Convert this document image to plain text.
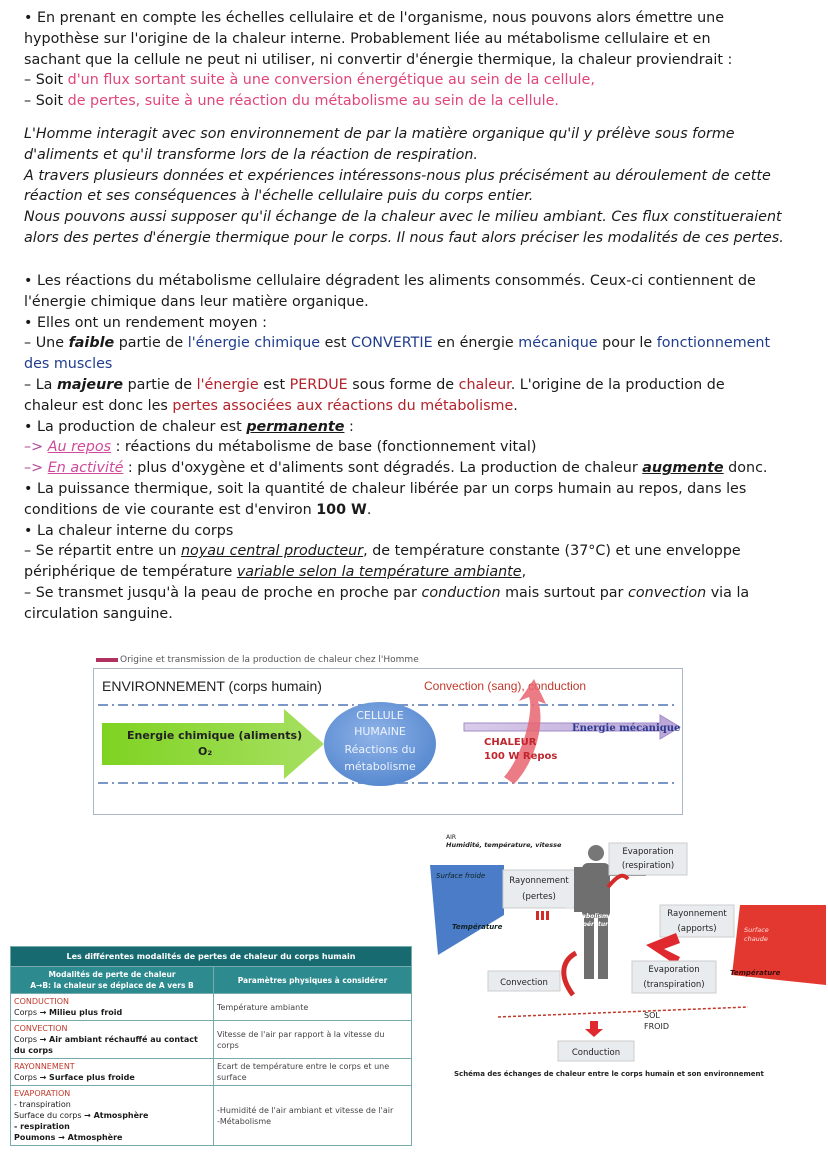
• En prenant en compte les échelles cellulaire et de l'organisme, nous pouvons alors émettre une

hypothèse sur l'origine de la chaleur interne. Probablement liée au métabolisme cellulaire et en

sachant que la cellule ne peut ni utiliser, ni convertir d'énergie thermique, la chaleur proviendrait :

– Soit d'un flux sortant suite à une conversion énergétique au sein de la cellule,

– Soit de pertes, suite à une réaction du métabolisme au sein de la cellule.

L'Homme interagit avec son environnement de par la matière organique qu'il y prélève sous forme

d'aliments et qu'il transforme lors de la réaction de respiration.

A travers plusieurs données et expériences intéressons-nous plus précisément au déroulement de cette

réaction et ses conséquences à l'échelle cellulaire puis du corps entier.

Nous pouvons aussi supposer qu'il échange de la chaleur avec le milieu ambiant. Ces flux constitueraient

alors des pertes d'énergie thermique pour le corps. Il nous faut alors préciser les modalités de ces pertes.

• Les réactions du métabolisme cellulaire dégradent les aliments consommés. Ceux-ci contiennent de

l'énergie chimique dans leur matière organique.

• Elles ont un rendement moyen :

– Une faible partie de l'énergie chimique est CONVERTIE en énergie mécanique pour le fonctionnement

des muscles

– La majeure partie de l'énergie est PERDUE sous forme de chaleur. L'origine de la production de

chaleur est donc les pertes associées aux réactions du métabolisme.

• La production de chaleur est permanente :

–> Au repos : réactions du métabolisme de base (fonctionnement vital)

–> En activité : plus d'oxygène et d'aliments sont dégradés. La production de chaleur augmente donc.

• La puissance thermique, soit la quantité de chaleur libérée par un corps humain au repos, dans les

conditions de vie courante est d'environ 100 W.

• La chaleur interne du corps

– Se répartit entre un noyau central producteur, de température constante (37°C) et une enveloppe

périphérique de température variable selon la température ambiante,

– Se transmet jusqu'à la peau de proche en proche par conduction mais surtout par convection via la

circulation sanguine.

Origine et transmission de la production de chaleur chez l'Homme
ENVIRONNEMENT (corps humain)	Convection (sang), conduction
Energie chimique (aliments)
O₂
Energie mécanique
CELLULE
HUMAINE
Réactions du
métabolisme
CHALEUR
100 W Repos
Les différentes modalités de pertes de chaleur du corps humain	
Modalités de perte de chaleur
A→B: la chaleur se déplace de A vers B	Paramètres physiques à considérer
CONDUCTION
Corps → Milieu plus froid	Température ambiante
CONVECTION
Corps → Air ambiant réchauffé au contact du corps	Vitesse de l'air par rapport à la vitesse du corps
RAYONNEMENT
Corps → Surface plus froide	Ecart de température entre le corps et une surface
EVAPORATION
- transpiration
Surface du corps → Atmosphère
- respiration
Poumons → Atmosphère	-Humidité de l'air ambiant et vitesse de l'air
-Métabolisme
AIR
Humidité, température, vitesse
Surface froide
Température
Rayonnement
(pertes)
IPS
Métabolisme
Température
Evaporation
(respiration)
Rayonnement
(apports)	Surface
chaude
Température
Convection
Evaporation
(transpiration)
SOL
FROID
Conduction
Schéma des échanges de chaleur entre le corps humain et son environnement
